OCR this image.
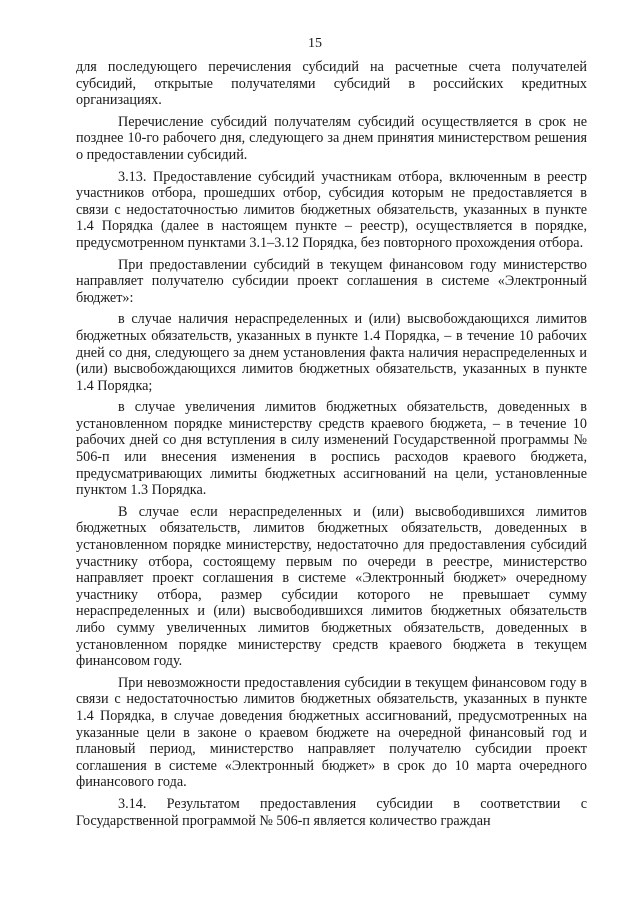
15

для последующего перечисления субсидий на расчетные счета получателей субсидий, открытые получателями субсидий в российских кредитных организациях.

Перечисление субсидий получателям субсидий осуществляется в срок не позднее 10-го рабочего дня, следующего за днем принятия министерством решения о предоставлении субсидий.

3.13. Предоставление субсидий участникам отбора, включенным в реестр участников отбора, прошедших отбор, субсидия которым не предоставляется в связи с недостаточностью лимитов бюджетных обязательств, указанных в пункте 1.4 Порядка (далее в настоящем пункте – реестр), осуществляется в порядке, предусмотренном пунктами 3.1–3.12 Порядка, без повторного прохождения отбора.

При предоставлении субсидий в текущем финансовом году министерство направляет получателю субсидии проект соглашения в системе «Электронный бюджет»:

в случае наличия нераспределенных и (или) высвобождающихся лимитов бюджетных обязательств, указанных в пункте 1.4 Порядка, – в течение 10 рабочих дней со дня, следующего за днем установления факта наличия нераспределенных и (или) высвобождающихся лимитов бюджетных обязательств, указанных в пункте 1.4 Порядка;

в случае увеличения лимитов бюджетных обязательств, доведенных в установленном порядке министерству средств краевого бюджета, – в течение 10 рабочих дней со дня вступления в силу изменений Государственной программы № 506-п или внесения изменения в роспись расходов краевого бюджета, предусматривающих лимиты бюджетных ассигнований на цели, установленные пунктом 1.3 Порядка.

В случае если нераспределенных и (или) высвободившихся лимитов бюджетных обязательств, лимитов бюджетных обязательств, доведенных в установленном порядке министерству, недостаточно для предоставления субсидий участнику отбора, состоящему первым по очереди в реестре, министерство направляет проект соглашения в системе «Электронный бюджет» очередному участнику отбора, размер субсидии которого не превышает сумму нераспределенных и (или) высвободившихся лимитов бюджетных обязательств либо сумму увеличенных лимитов бюджетных обязательств, доведенных в установленном порядке министерству средств краевого бюджета в текущем финансовом году.

При невозможности предоставления субсидии в текущем финансовом году в связи с недостаточностью лимитов бюджетных обязательств, указанных в пункте 1.4 Порядка, в случае доведения бюджетных ассигнований, предусмотренных на указанные цели в законе о краевом бюджете на очередной финансовый год и плановый период, министерство направляет получателю субсидии проект соглашения в системе «Электронный бюджет» в срок до 10 марта очередного финансового года.

3.14. Результатом предоставления субсидии в соответствии с Государственной программой № 506-п является количество граждан
